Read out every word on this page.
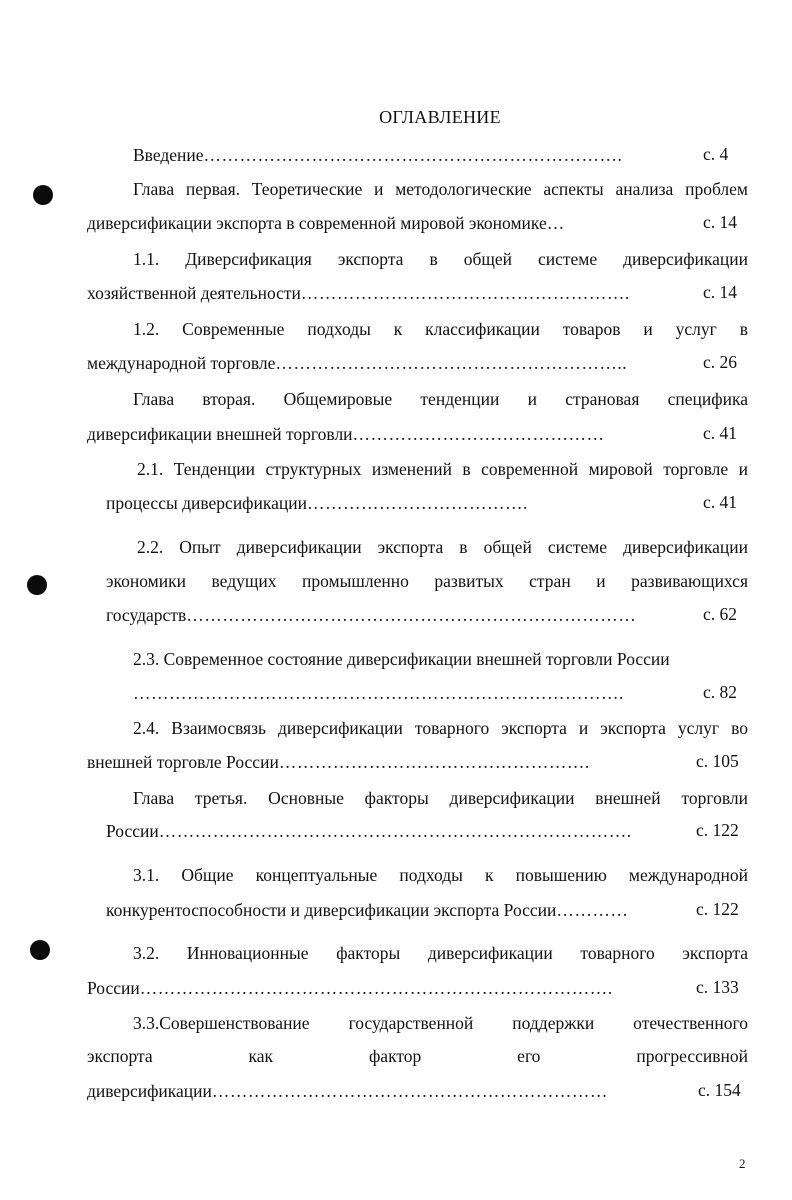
ОГЛАВЛЕНИЕ
Введение…………………………………………………………….	с. 4
Глава первая. Теоретические и методологические аспекты анализа проблем
диверсификации экспорта в современной мировой экономике…	с. 14
1.1. Диверсификация экспорта в общей системе диверсификации
хозяйственной деятельности……………………………………………….	с. 14
1.2. Современные подходы к классификации товаров и услуг в
международной торговле…………………………………………………..	с. 26
Глава вторая. Общемировые тенденции и страновая специфика
диверсификации внешней торговли……………………………………	с. 41
2.1. Тенденции структурных изменений в современной мировой торговле и
процессы диверсификации……………………………….	с. 41
2.2. Опыт диверсификации экспорта в общей системе диверсификации
экономики ведущих промышленно развитых стран и развивающихся
государств…………………………………………………………………	с. 62
2.3. Современное состояние диверсификации внешней торговли России
……………………………………………………………………….	с. 82
2.4. Взаимосвязь диверсификации товарного экспорта и экспорта услуг во
внешней торговле России…………………………………………….	с. 105
Глава третья. Основные факторы диверсификации внешней торговли
России…………………………………………………………………….	с. 122
3.1. Общие концептуальные подходы к повышению международной
конкурентоспособности и диверсификации экспорта России…………	с. 122
3.2. Инновационные факторы диверсификации товарного экспорта
России…………………………………………………………………….	с. 133
3.3.Совершенствование государственной поддержки отечественного
экспорта как фактор его прогрессивной
диверсификации…………………………………………………………	с. 154
2
